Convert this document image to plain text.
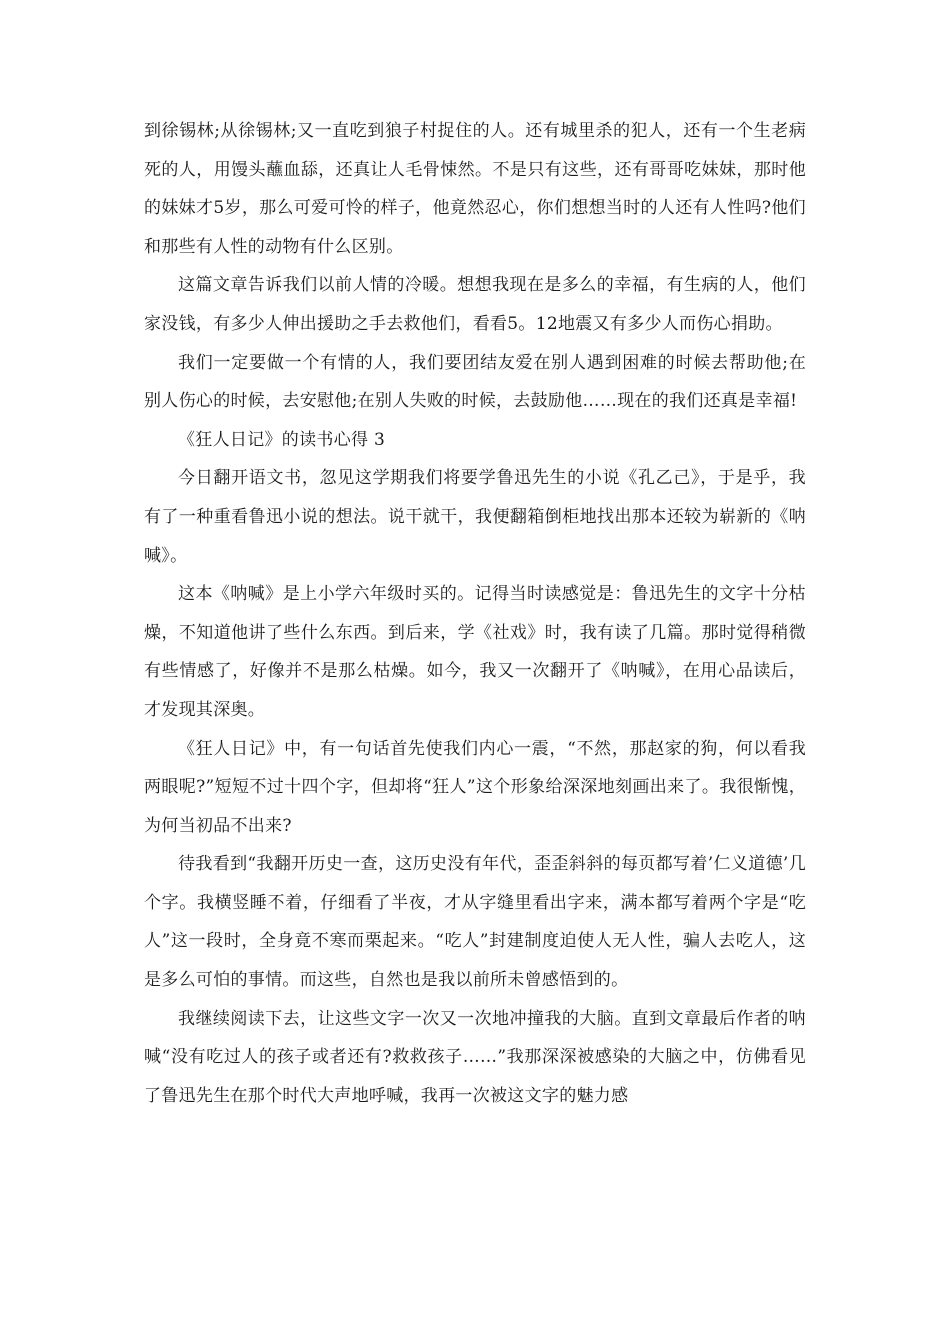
到徐锡林;从徐锡林;又一直吃到狼子村捉住的人。还有城里杀的犯人，还有一个生老病死的人，用馒头蘸血舔，还真让人毛骨悚然。不是只有这些，还有哥哥吃妹妹，那时他的妹妹才5岁，那么可爱可怜的样子，他竟然忍心，你们想想当时的人还有人性吗?他们和那些有人性的动物有什么区别。

这篇文章告诉我们以前人情的冷暖。想想我现在是多么的幸福，有生病的人，他们家没钱，有多少人伸出援助之手去救他们，看看5。12地震又有多少人而伤心捐助。

我们一定要做一个有情的人，我们要团结友爱在别人遇到困难的时候去帮助他;在别人伤心的时候，去安慰他;在别人失败的时候，去鼓励他……现在的我们还真是幸福!

《狂人日记》的读书心得 3

今日翻开语文书，忽见这学期我们将要学鲁迅先生的小说《孔乙己》，于是乎，我有了一种重看鲁迅小说的想法。说干就干，我便翻箱倒柜地找出那本还较为崭新的《呐喊》。

这本《呐喊》是上小学六年级时买的。记得当时读感觉是：鲁迅先生的文字十分枯燥，不知道他讲了些什么东西。到后来，学《社戏》时，我有读了几篇。那时觉得稍微有些情感了，好像并不是那么枯燥。如今，我又一次翻开了《呐喊》，在用心品读后，才发现其深奥。

《狂人日记》中，有一句话首先使我们内心一震，“不然，那赵家的狗，何以看我两眼呢?”短短不过十四个字，但却将“狂人”这个形象给深深地刻画出来了。我很惭愧，为何当初品不出来?

待我看到“我翻开历史一查，这历史没有年代，歪歪斜斜的每页都写着’仁义道德’几个字。我横竖睡不着，仔细看了半夜，才从字缝里看出字来，满本都写着两个字是“吃人”这一段时，全身竟不寒而栗起来。“吃人”封建制度迫使人无人性，骗人去吃人，这是多么可怕的事情。而这些，自然也是我以前所未曾感悟到的。

我继续阅读下去，让这些文字一次又一次地冲撞我的大脑。直到文章最后作者的呐喊“没有吃过人的孩子或者还有?救救孩子……”我那深深被感染的大脑之中，仿佛看见了鲁迅先生在那个时代大声地呼喊，我再一次被这文字的魅力感
